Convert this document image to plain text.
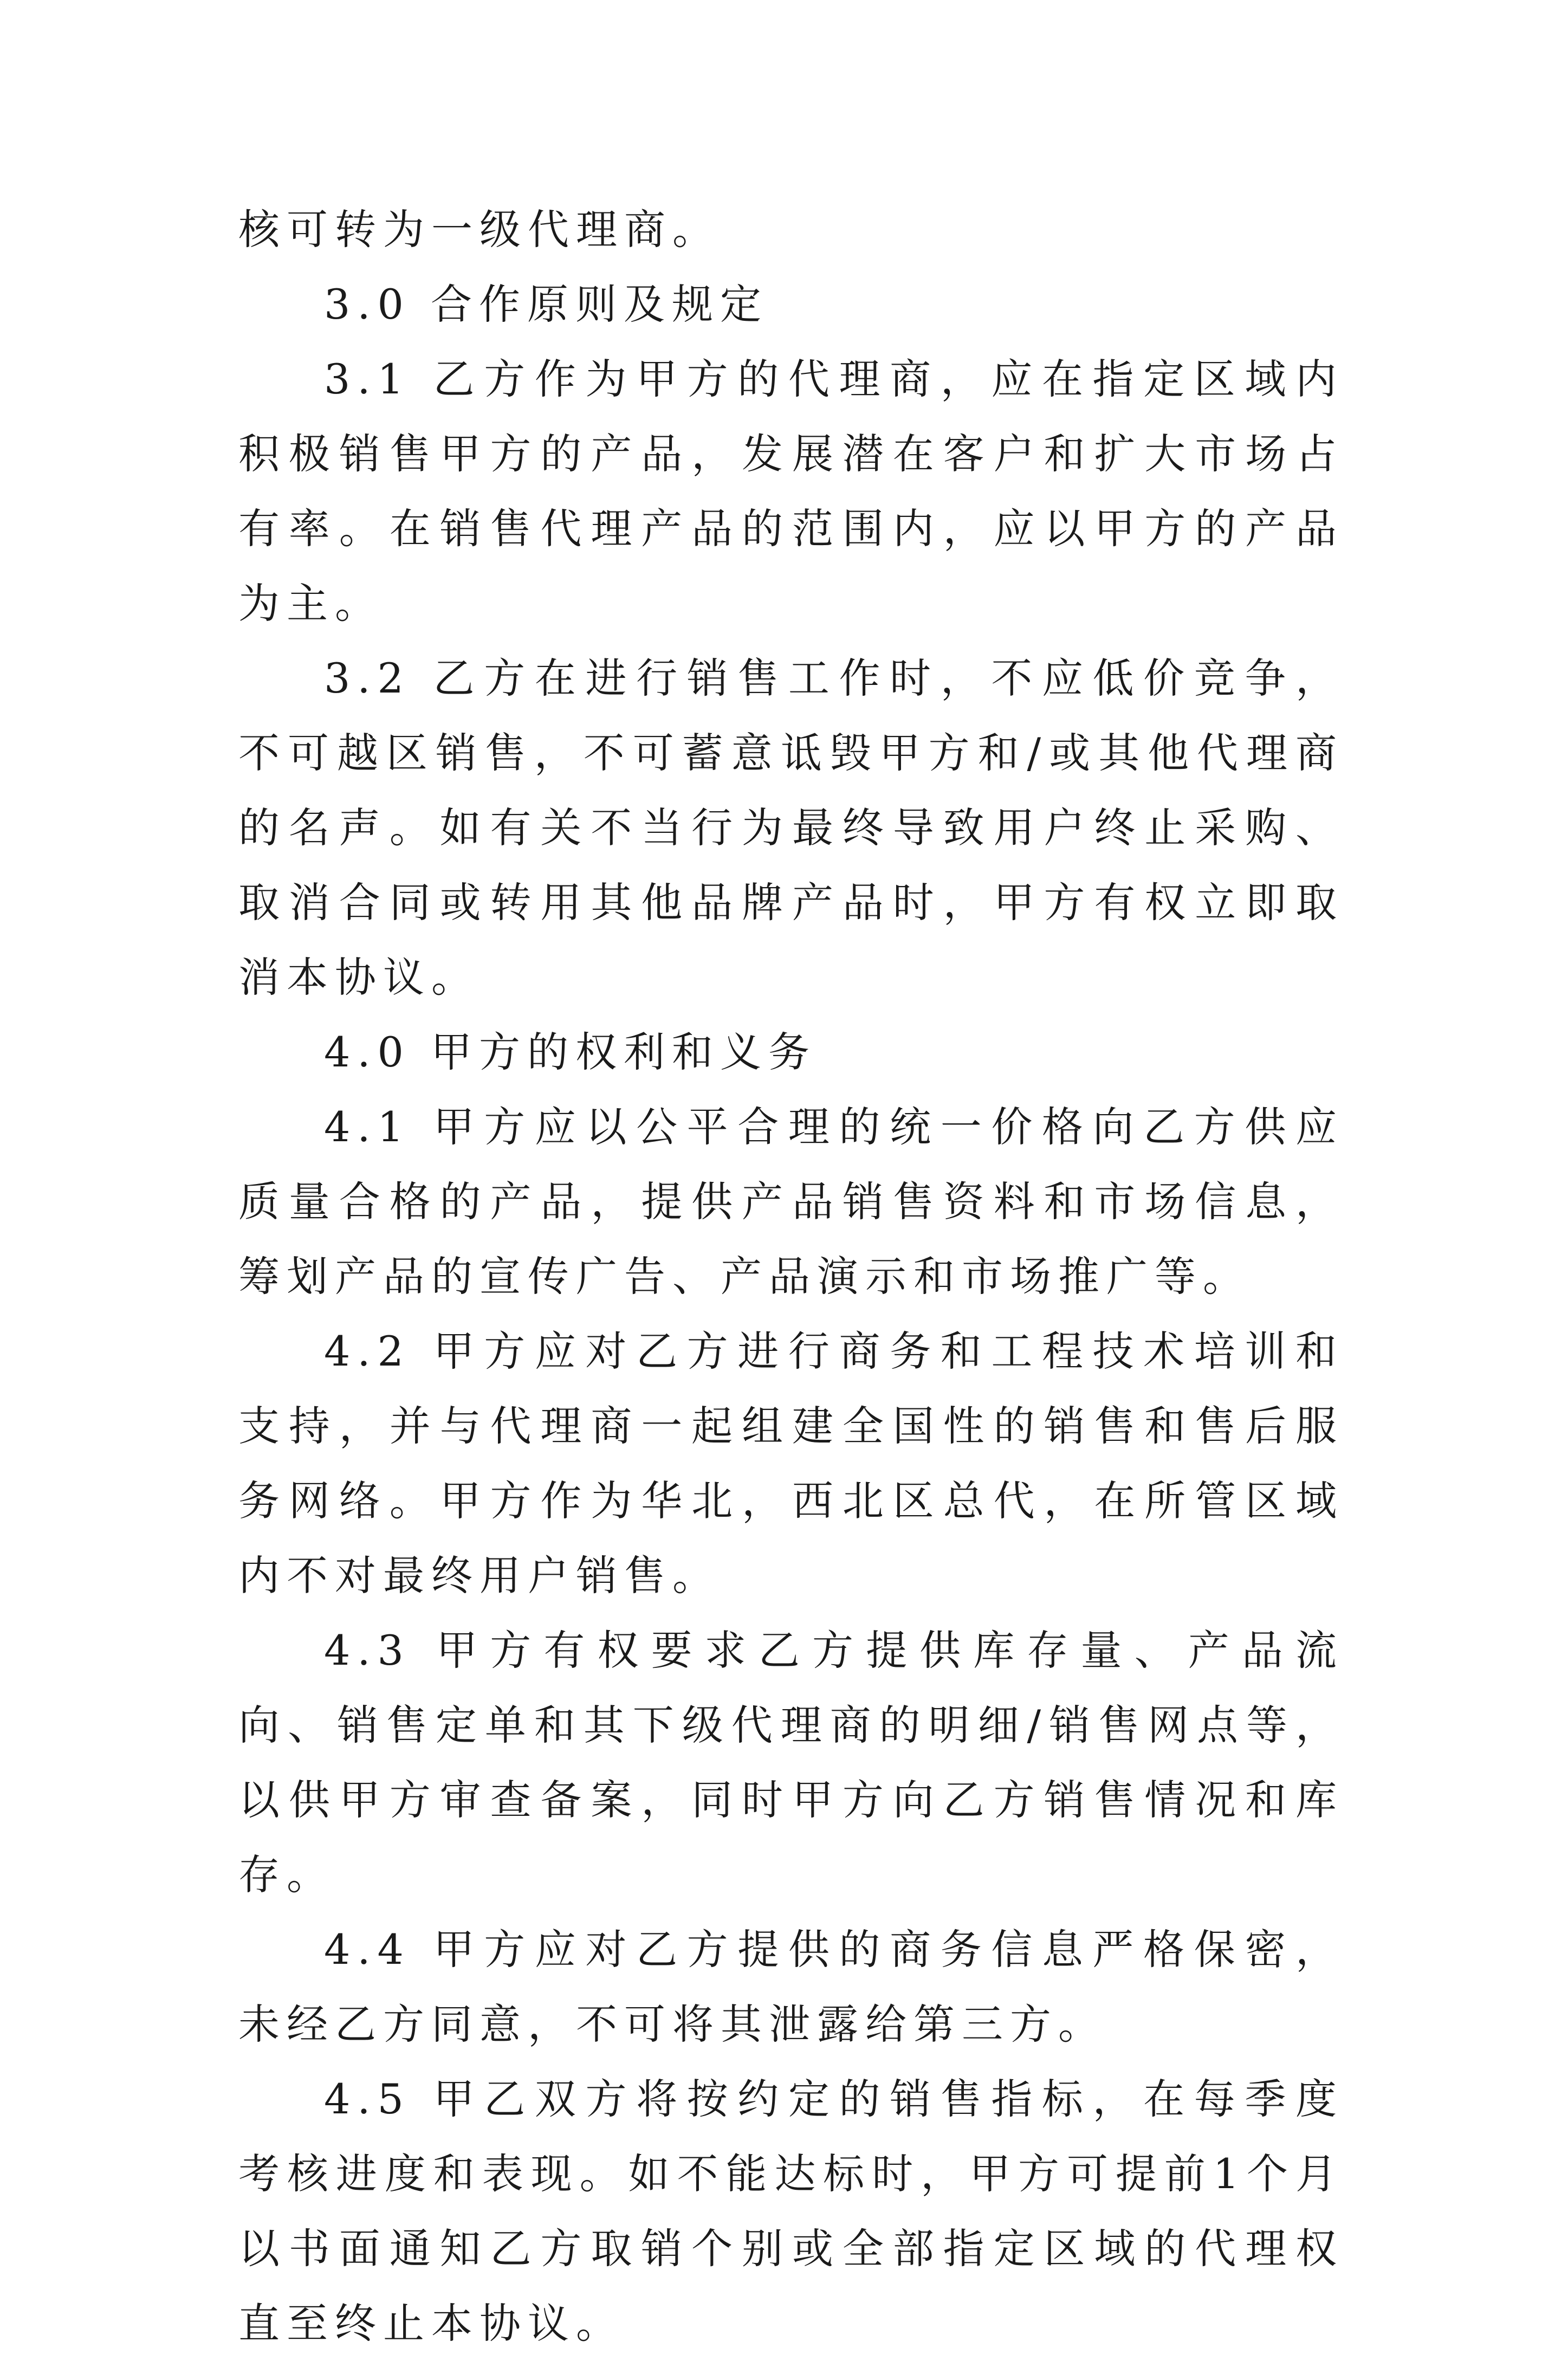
核可转为一级代理商。

3.0 合作原则及规定

3.1 乙方作为甲方的代理商，应在指定区域内积极销售甲方的产品，发展潜在客户和扩大市场占有率。在销售代理产品的范围内，应以甲方的产品为主。

3.2 乙方在进行销售工作时，不应低价竞争，不可越区销售，不可蓄意诋毁甲方和/或其他代理商的名声。如有关不当行为最终导致用户终止采购、取消合同或转用其他品牌产品时，甲方有权立即取消本协议。

4.0 甲方的权利和义务

4.1 甲方应以公平合理的统一价格向乙方供应质量合格的产品，提供产品销售资料和市场信息，筹划产品的宣传广告、产品演示和市场推广等。

4.2 甲方应对乙方进行商务和工程技术培训和支持，并与代理商一起组建全国性的销售和售后服务网络。甲方作为华北，西北区总代，在所管区域内不对最终用户销售。

4.3 甲方有权要求乙方提供库存量、产品流向、销售定单和其下级代理商的明细/销售网点等，以供甲方审查备案，同时甲方向乙方销售情况和库存。

4.4 甲方应对乙方提供的商务信息严格保密，未经乙方同意，不可将其泄露给第三方。

4.5 甲乙双方将按约定的销售指标，在每季度考核进度和表现。如不能达标时，甲方可提前1个月以书面通知乙方取销个别或全部指定区域的代理权直至终止本协议。
